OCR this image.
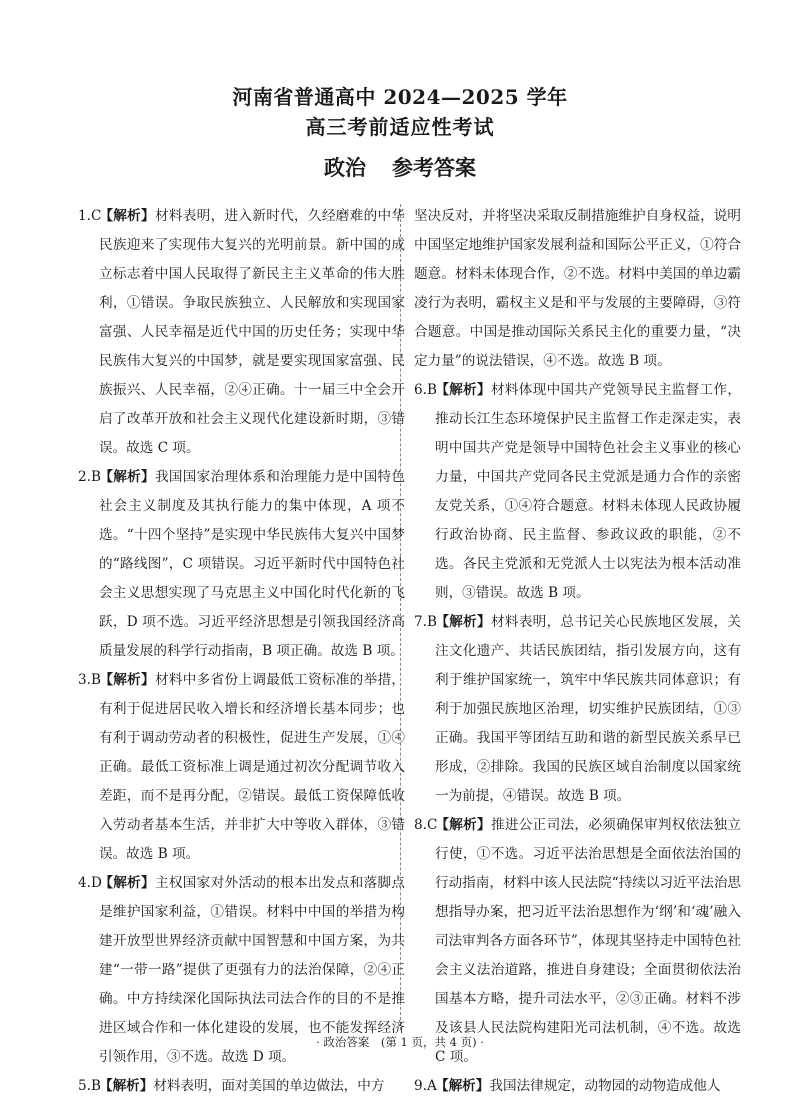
河南省普通高中 2024—2025 学年
高三考前适应性考试
政治 参考答案

1.C【解析】材料表明，进入新时代，久经磨难的中华民族迎来了实现伟大复兴的光明前景。新中国的成立标志着中国人民取得了新民主主义革命的伟大胜利，①错误。争取民族独立、人民解放和实现国家富强、人民幸福是近代中国的历史任务；实现中华民族伟大复兴的中国梦，就是要实现国家富强、民族振兴、人民幸福，②④正确。十一届三中全会开启了改革开放和社会主义现代化建设新时期，③错误。故选 C 项。

2.B【解析】我国国家治理体系和治理能力是中国特色社会主义制度及其执行能力的集中体现，A 项不选。“十四个坚持”是实现中华民族伟大复兴中国梦的“路线图”，C 项错误。习近平新时代中国特色社会主义思想实现了马克思主义中国化时代化新的飞跃，D 项不选。习近平经济思想是引领我国经济高质量发展的科学行动指南，B 项正确。故选 B 项。

3.B【解析】材料中多省份上调最低工资标准的举措，有利于促进居民收入增长和经济增长基本同步；也有利于调动劳动者的积极性，促进生产发展，①④正确。最低工资标准上调是通过初次分配调节收入差距，而不是再分配，②错误。最低工资保障低收入劳动者基本生活，并非扩大中等收入群体，③错误。故选 B 项。

4.D【解析】主权国家对外活动的根本出发点和落脚点是维护国家利益，①错误。材料中中国的举措为构建开放型世界经济贡献中国智慧和中国方案，为共建“一带一路”提供了更强有力的法治保障，②④正确。中方持续深化国际执法司法合作的目的不是推进区域合作和一体化建设的发展，也不能发挥经济引领作用，③不选。故选 D 项。

5.B【解析】材料表明，面对美国的单边做法，中方

坚决反对，并将坚决采取反制措施维护自身权益，说明中国坚定地维护国家发展利益和国际公平正义，①符合题意。材料未体现合作，②不选。材料中美国的单边霸凌行为表明，霸权主义是和平与发展的主要障碍，③符合题意。中国是推动国际关系民主化的重要力量，“决定力量”的说法错误，④不选。故选 B 项。

6.B【解析】材料体现中国共产党领导民主监督工作，推动长江生态环境保护民主监督工作走深走实，表明中国共产党是领导中国特色社会主义事业的核心力量，中国共产党同各民主党派是通力合作的亲密友党关系，①④符合题意。材料未体现人民政协履行政治协商、民主监督、参政议政的职能，②不选。各民主党派和无党派人士以宪法为根本活动准则，③错误。故选 B 项。

7.B【解析】材料表明，总书记关心民族地区发展，关注文化遗产、共话民族团结，指引发展方向，这有利于维护国家统一，筑牢中华民族共同体意识；有利于加强民族地区治理，切实维护民族团结，①③正确。我国平等团结互助和谐的新型民族关系早已形成，②排除。我国的民族区域自治制度以国家统一为前提，④错误。故选 B 项。

8.C【解析】推进公正司法，必须确保审判权依法独立行使，①不选。习近平法治思想是全面依法治国的行动指南，材料中该人民法院“持续以习近平法治思想指导办案，把习近平法治思想作为‘纲’和‘魂’融入司法审判各方面各环节”，体现其坚持走中国特色社会主义法治道路，推进自身建设；全面贯彻依法治国基本方略，提升司法水平，②③正确。材料不涉及该县人民法院构建阳光司法机制，④不选。故选 C 项。

9.A【解析】我国法律规定，动物园的动物造成他人

· 政治答案　(第 1 页，共 4 页) ·
